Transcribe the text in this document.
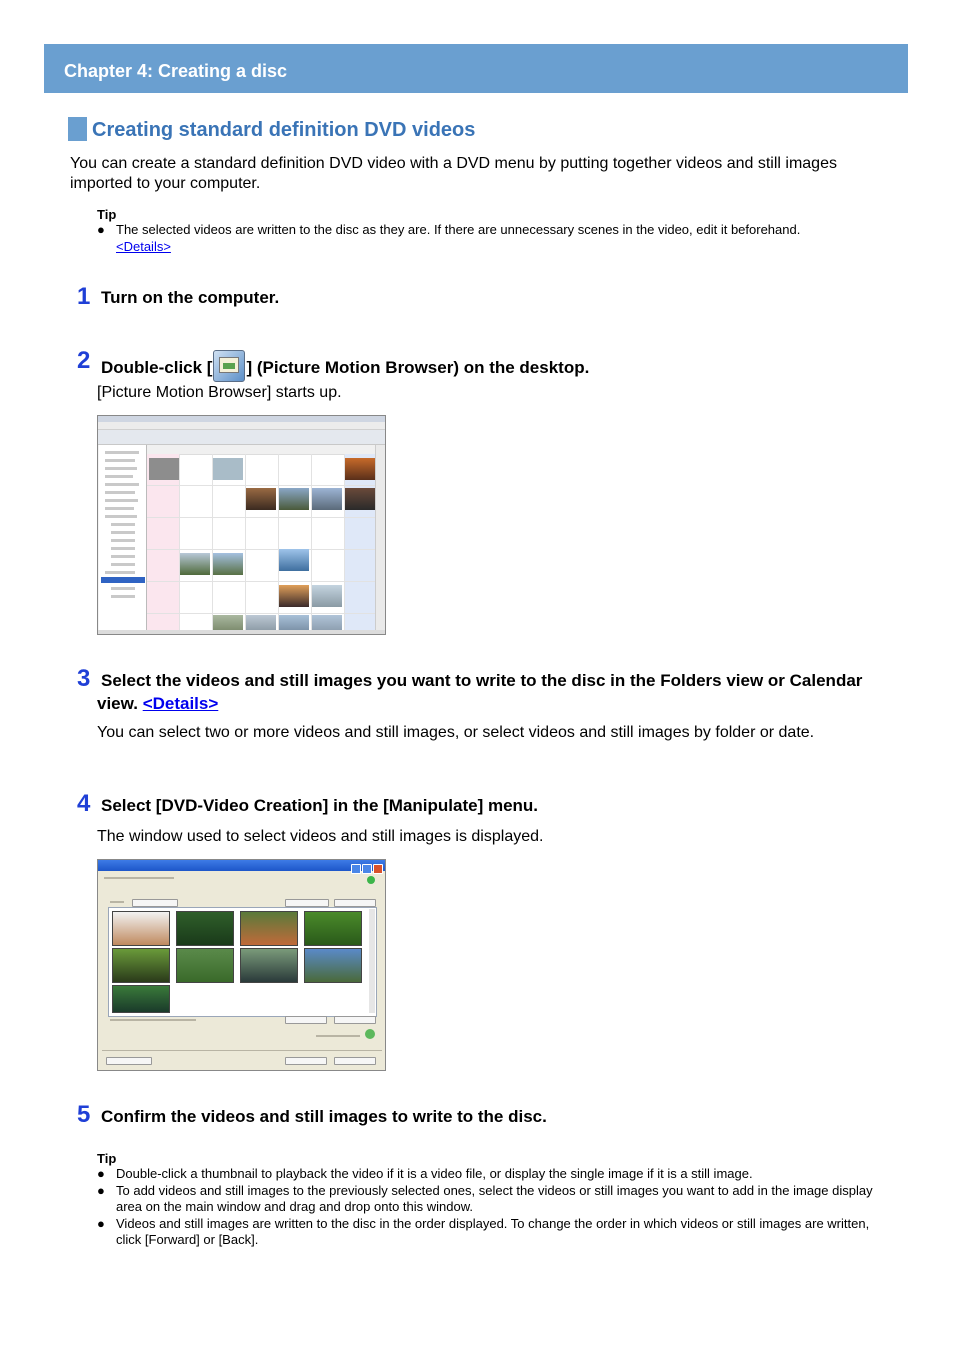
Chapter 4: Creating a disc
Creating standard definition DVD videos
You can create a standard definition DVD video with a DVD menu by putting together videos and still images imported to your computer.
Tip
● The selected videos are written to the disc as they are. If there are unnecessary scenes in the video, edit it beforehand.
<Details>
1 Turn on the computer.
2 Double-click [ ] (Picture Motion Browser) on the desktop.
[Picture Motion Browser] starts up.
3 Select the videos and still images you want to write to the disc in the Folders view or Calendar view. <Details>
You can select two or more videos and still images, or select videos and still images by folder or date.
4 Select [DVD-Video Creation] in the [Manipulate] menu.
The window used to select videos and still images is displayed.
5 Confirm the videos and still images to write to the disc.
Tip
● Double-click a thumbnail to playback the video if it is a video file, or display the single image if it is a still image.
● To add videos and still images to the previously selected ones, select the videos or still images you want to add in the image display area on the main window and drag and drop onto this window.
● Videos and still images are written to the disc in the order displayed. To change the order in which videos or still images are written, click [Forward] or [Back].
